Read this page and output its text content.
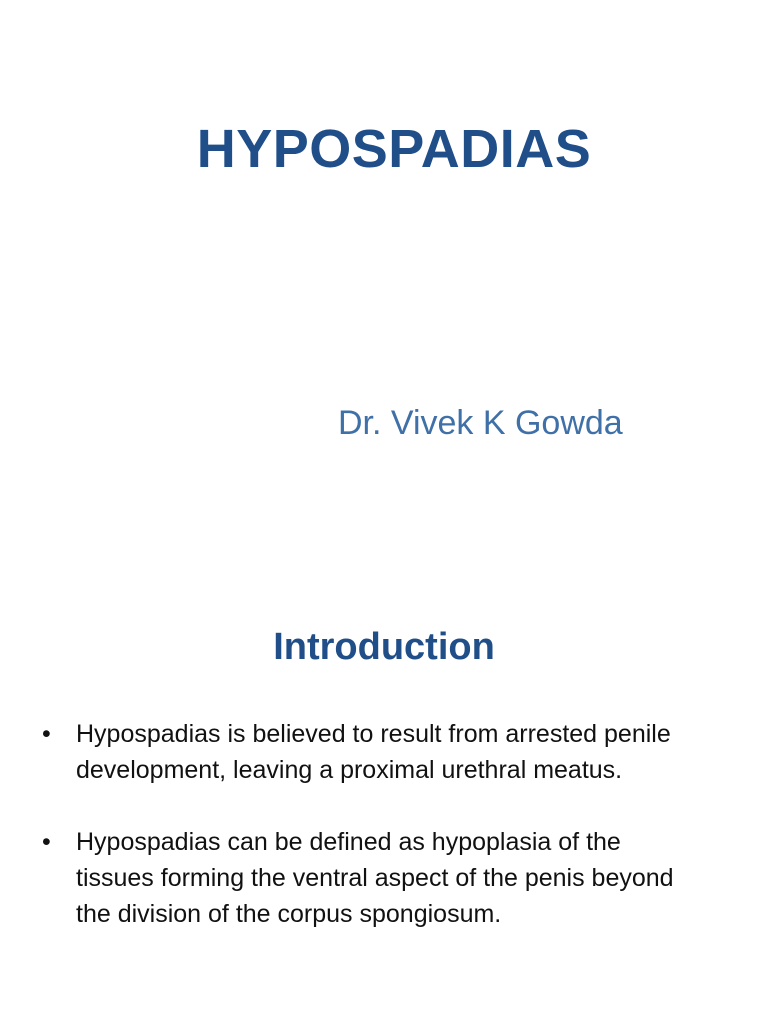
HYPOSPADIAS

Dr. Vivek K Gowda

Introduction
• Hypospadias is believed to result from arrested penile development, leaving a proximal urethral meatus.
• Hypospadias can be defined as hypoplasia of the tissues forming the ventral aspect of the penis beyond the division of the corpus spongiosum.
